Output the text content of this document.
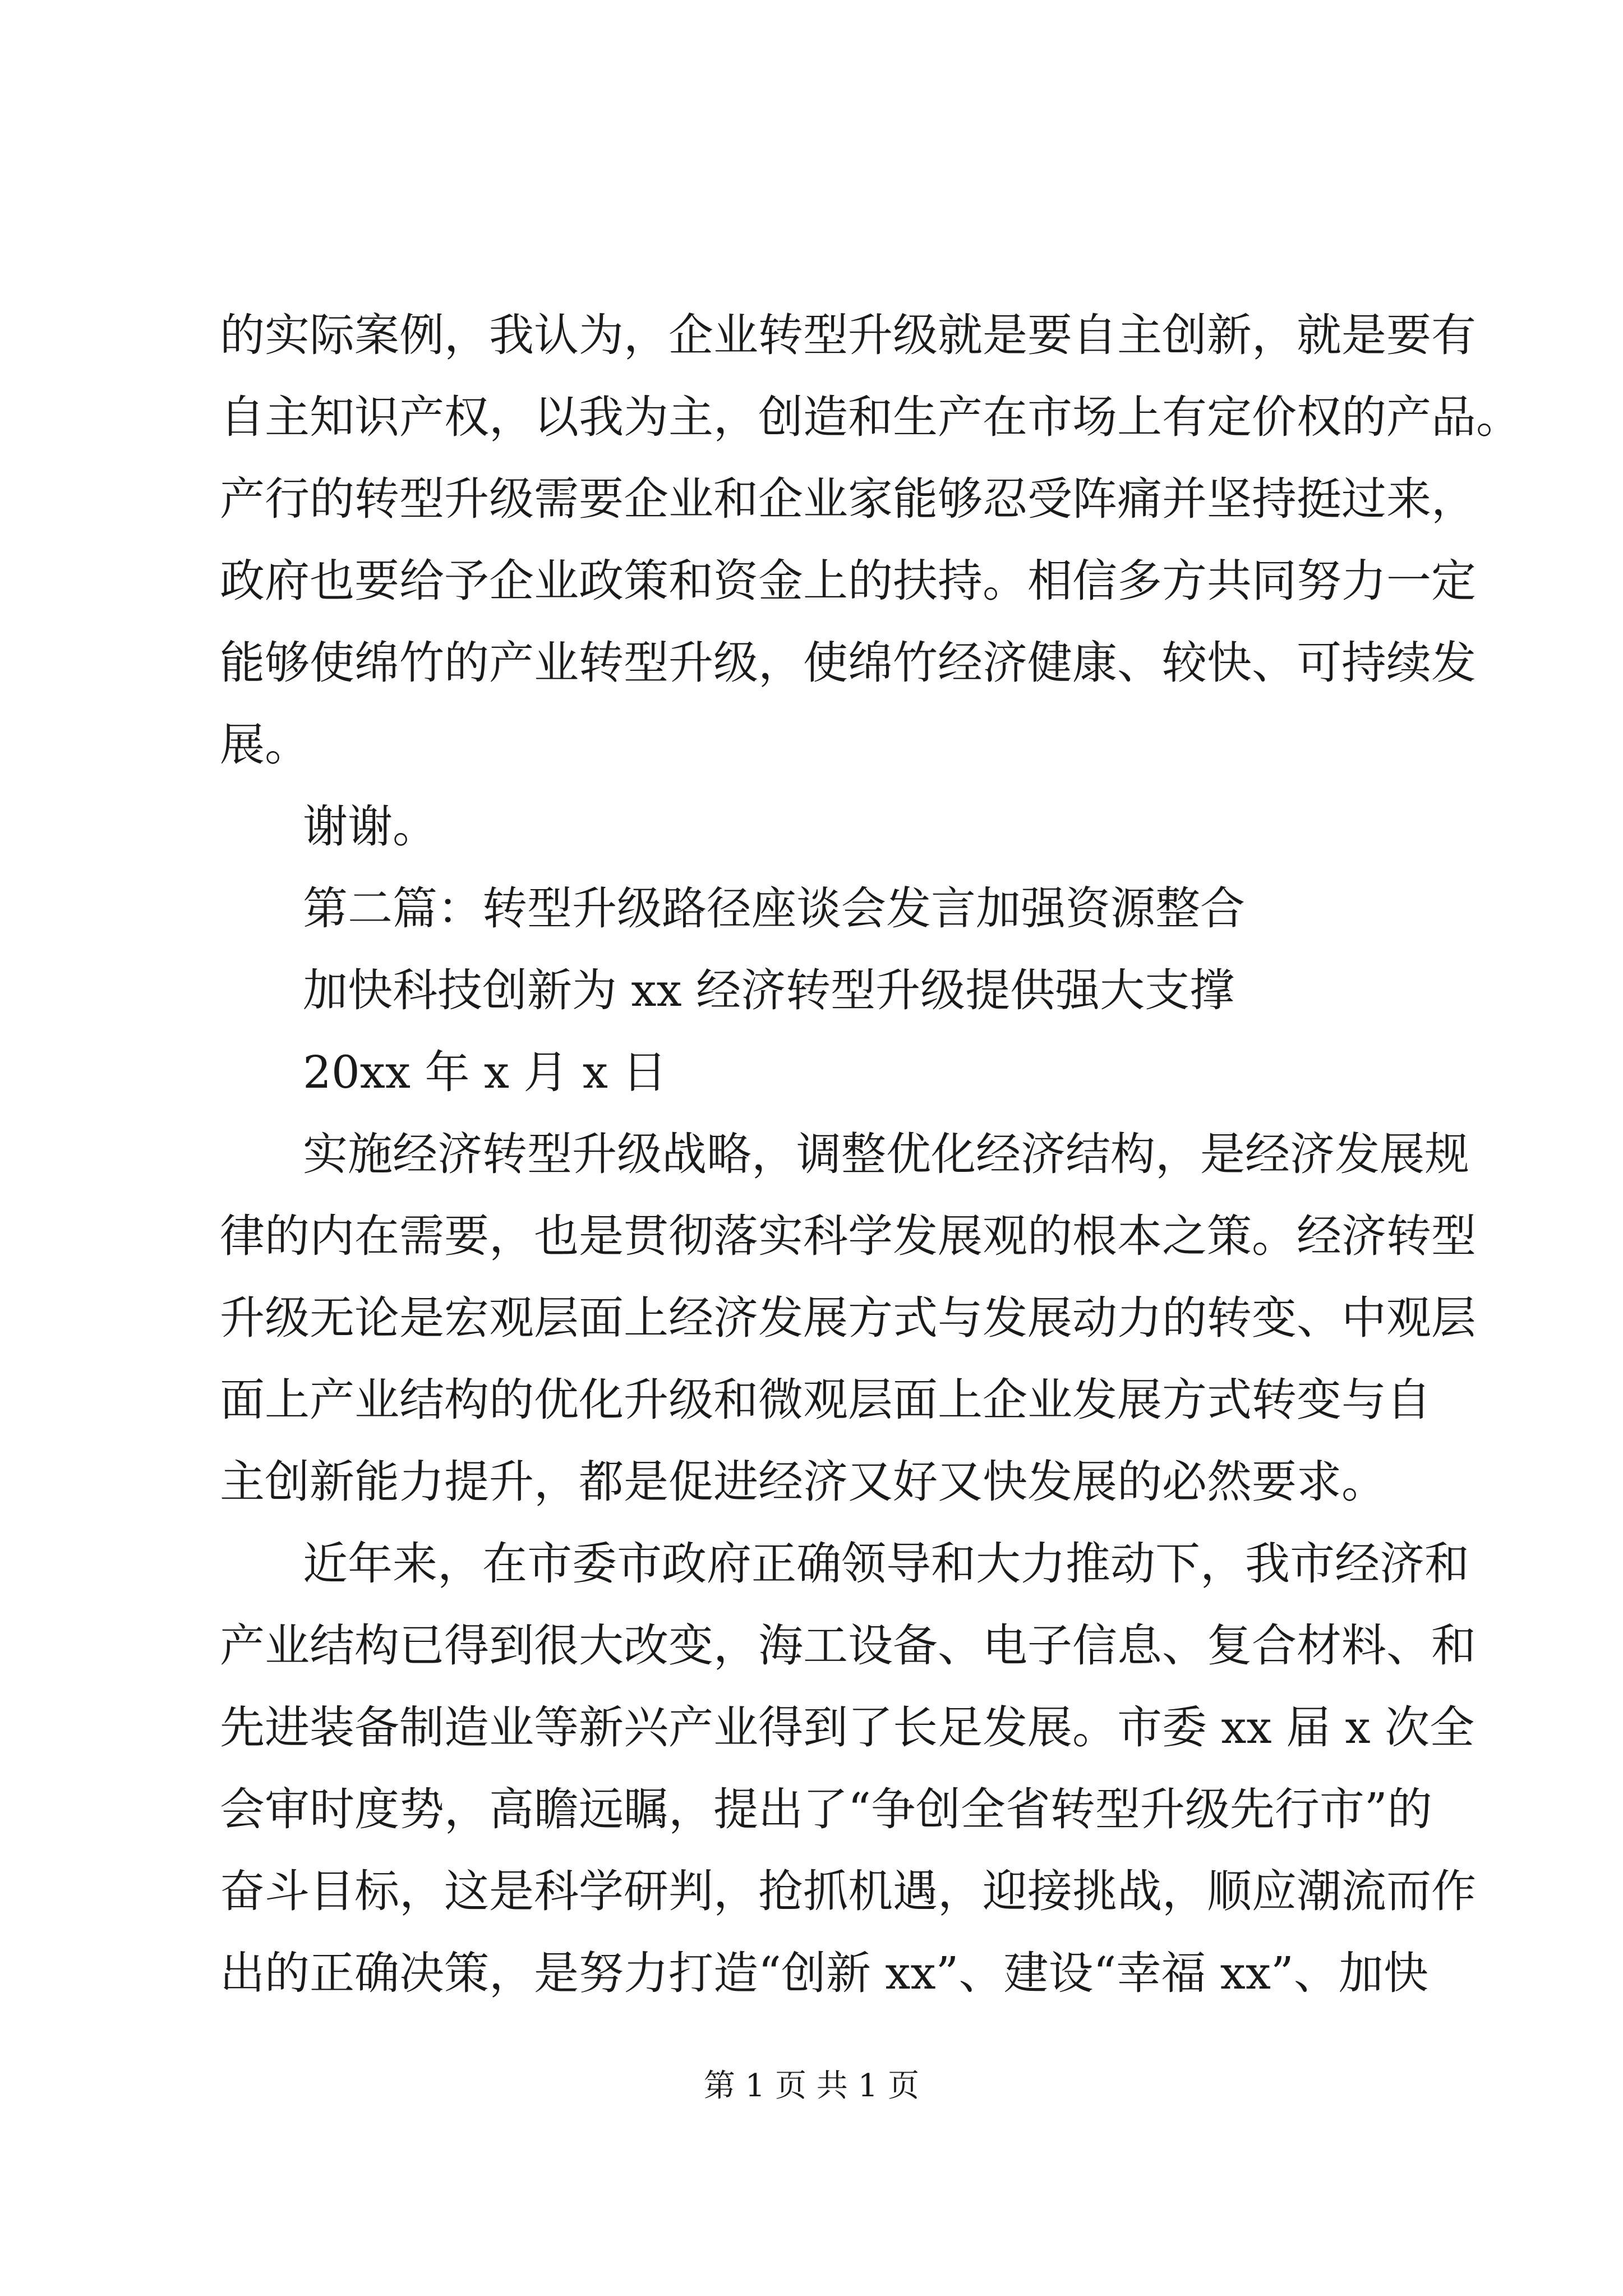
的实际案例，我认为，企业转型升级就是要自主创新，就是要有
自主知识产权，以我为主，创造和生产在市场上有定价权的产品。
产行的转型升级需要企业和企业家能够忍受阵痛并坚持挺过来，
政府也要给予企业政策和资金上的扶持。相信多方共同努力一定
能够使绵竹的产业转型升级，使绵竹经济健康、较快、可持续发
展。
谢谢。
第二篇：转型升级路径座谈会发言加强资源整合
加快科技创新为 xx 经济转型升级提供强大支撑
20xx 年 x 月 x 日
实施经济转型升级战略，调整优化经济结构，是经济发展规
律的内在需要，也是贯彻落实科学发展观的根本之策。经济转型
升级无论是宏观层面上经济发展方式与发展动力的转变、中观层
面上产业结构的优化升级和微观层面上企业发展方式转变与自
主创新能力提升，都是促进经济又好又快发展的必然要求。
近年来，在市委市政府正确领导和大力推动下，我市经济和
产业结构已得到很大改变，海工设备、电子信息、复合材料、和
先进装备制造业等新兴产业得到了长足发展。市委 xx 届 x 次全
会审时度势，高瞻远瞩，提出了“争创全省转型升级先行市”的
奋斗目标，这是科学研判，抢抓机遇，迎接挑战，顺应潮流而作
出的正确决策，是努力打造“创新 xx”、建设“幸福 xx”、加快
第 1 页 共 1 页
